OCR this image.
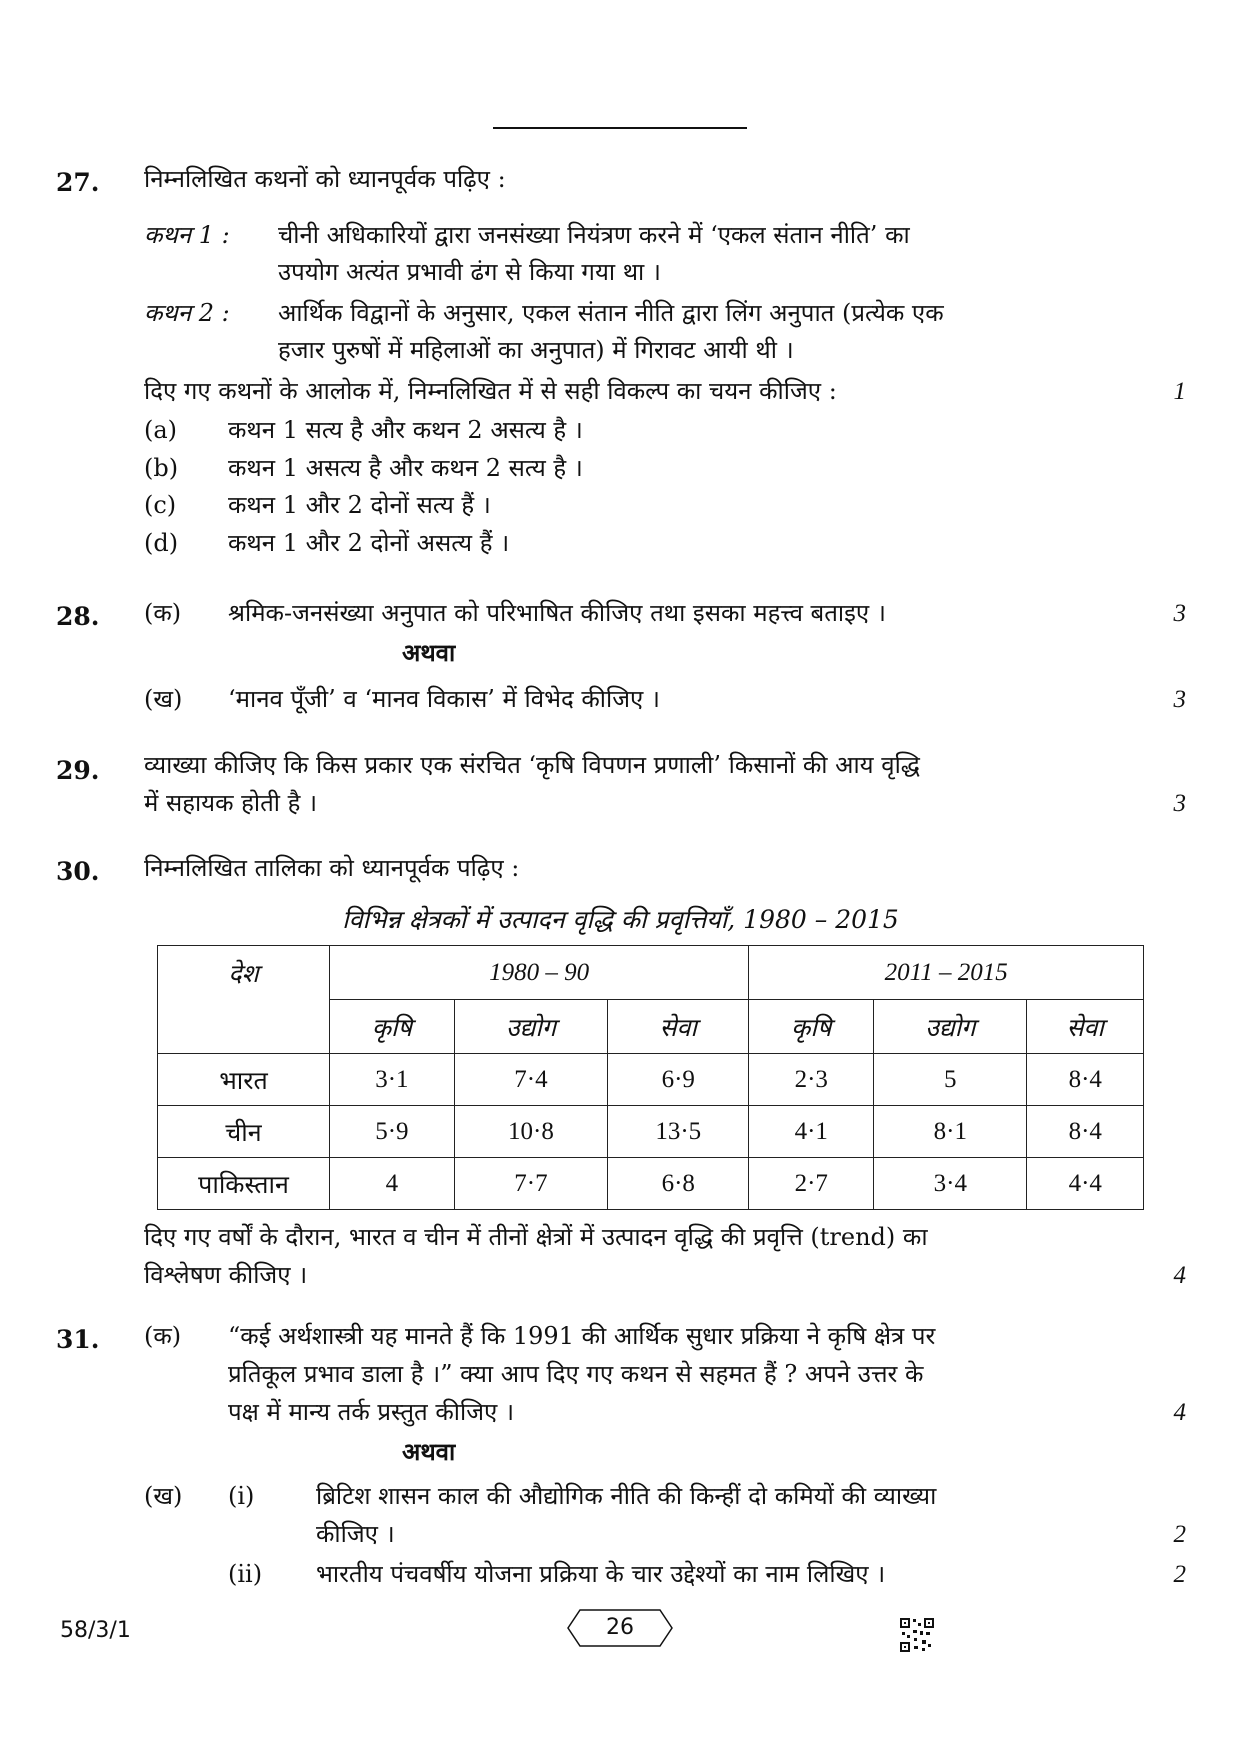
27. निम्नलिखित कथनों को ध्यानपूर्वक पढ़िए :
कथन 1 : चीनी अधिकारियों द्वारा जनसंख्या नियंत्रण करने में ‘एकल संतान नीति’ का
उपयोग अत्यंत प्रभावी ढंग से किया गया था ।
कथन 2 : आर्थिक विद्वानों के अनुसार, एकल संतान नीति द्वारा लिंग अनुपात (प्रत्येक एक
हजार पुरुषों में महिलाओं का अनुपात) में गिरावट आयी थी ।
दिए गए कथनों के आलोक में, निम्नलिखित में से सही विकल्प का चयन कीजिए :	1
(a) कथन 1 सत्य है और कथन 2 असत्य है ।
(b) कथन 1 असत्य है और कथन 2 सत्य है ।
(c) कथन 1 और 2 दोनों सत्य हैं ।
(d) कथन 1 और 2 दोनों असत्य हैं ।
28. (क) श्रमिक-जनसंख्या अनुपात को परिभाषित कीजिए तथा इसका महत्त्व बताइए ।	3
अथवा
(ख) ‘मानव पूँजी’ व ‘मानव विकास’ में विभेद कीजिए ।	3
29. व्याख्या कीजिए कि किस प्रकार एक संरचित ‘कृषि विपणन प्रणाली’ किसानों की आय वृद्धि
में सहायक होती है ।	3
30. निम्नलिखित तालिका को ध्यानपूर्वक पढ़िए :
विभिन्न क्षेत्रकों में उत्पादन वृद्धि की प्रवृत्तियाँ, 1980 – 2015
देश	1980 – 90			2011 – 2015		
	कृषि	उद्योग	सेवा	कृषि	उद्योग	सेवा
भारत	3·1	7·4	6·9	2·3	5	8·4
चीन	5·9	10·8	13·5	4·1	8·1	8·4
पाकिस्तान	4	7·7	6·8	2·7	3·4	4·4
दिए गए वर्षों के दौरान, भारत व चीन में तीनों क्षेत्रों में उत्पादन वृद्धि की प्रवृत्ति (trend) का
विश्लेषण कीजिए ।	4
31. (क) “कई अर्थशास्त्री यह मानते हैं कि 1991 की आर्थिक सुधार प्रक्रिया ने कृषि क्षेत्र पर
प्रतिकूल प्रभाव डाला है ।” क्या आप दिए गए कथन से सहमत हैं ? अपने उत्तर के
पक्ष में मान्य तर्क प्रस्तुत कीजिए ।	4
अथवा
(ख) (i)	ब्रिटिश शासन काल की औद्योगिक नीति की किन्हीं दो कमियों की व्याख्या
कीजिए ।	2
(ii) भारतीय पंचवर्षीय योजना प्रक्रिया के चार उद्देश्यों का नाम लिखिए ।	2
58/3/1	26
